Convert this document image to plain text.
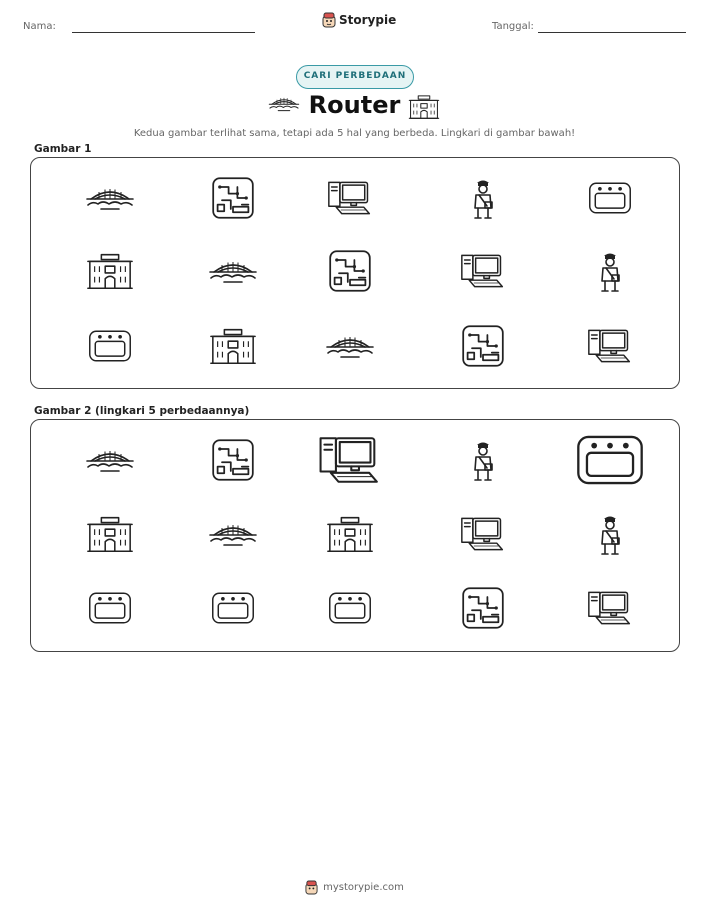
Nama:	Storypie	Tanggal:
CARI PERBEDAAN
Router
Kedua gambar terlihat sama, tetapi ada 5 hal yang berbeda. Lingkari di gambar bawah!
Gambar 1
Gambar 2 (lingkari 5 perbedaannya)
mystorypie.com
